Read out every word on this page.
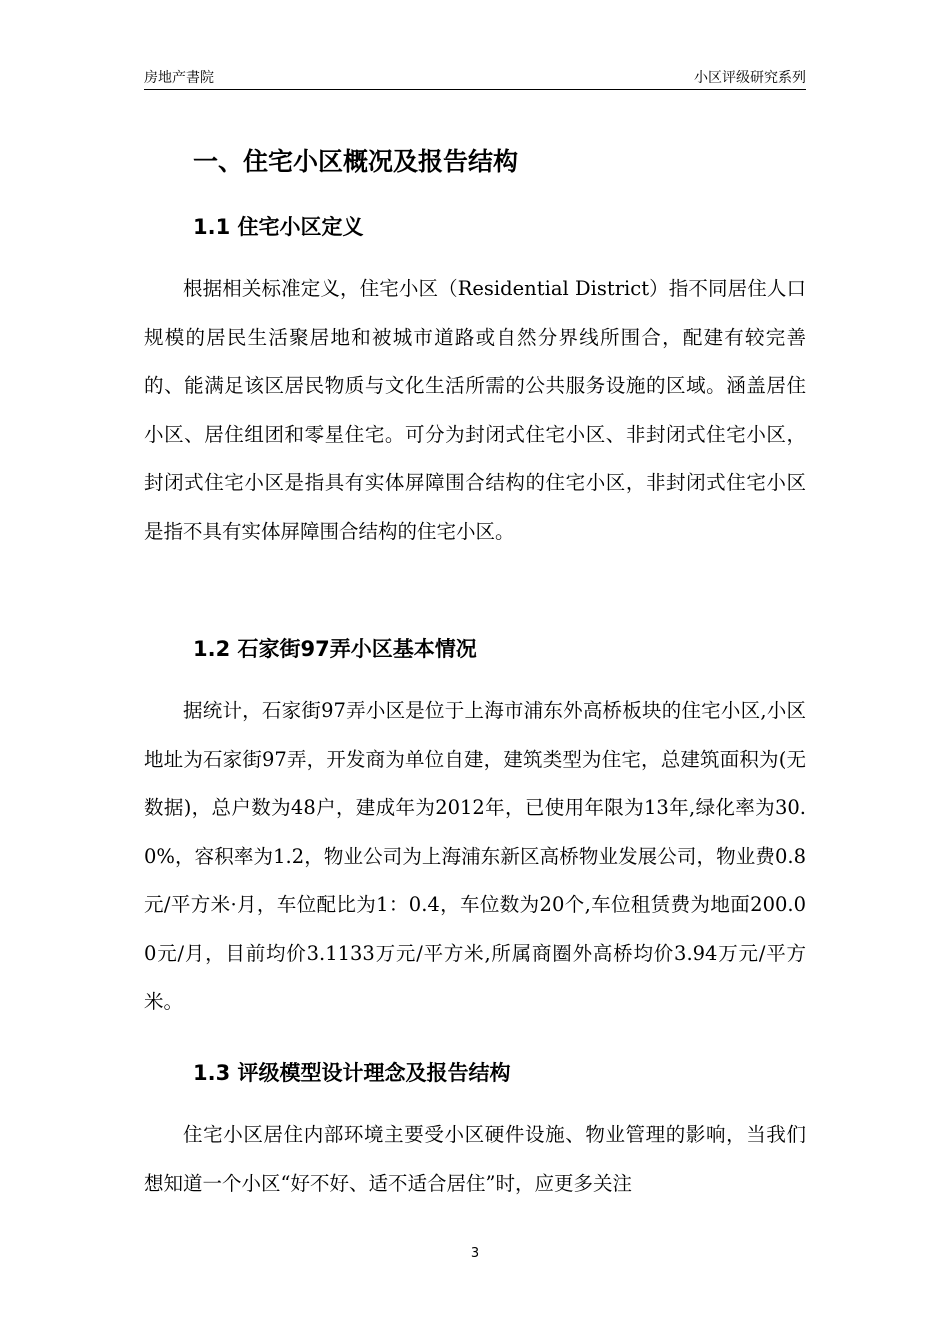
房地产書院	小区评级研究系列
一、住宅小区概况及报告结构
1.1 住宅小区定义

根据相关标准定义，住宅小区（Residential District）指不同居住人口规模的居民生活聚居地和被城市道路或自然分界线所围合，配建有较完善的、能满足该区居民物质与文化生活所需的公共服务设施的区域。涵盖居住小区、居住组团和零星住宅。可分为封闭式住宅小区、非封闭式住宅小区，封闭式住宅小区是指具有实体屏障围合结构的住宅小区，非封闭式住宅小区是指不具有实体屏障围合结构的住宅小区。

1.2 石家街97弄小区基本情况

据统计，石家街97弄小区是位于上海市浦东外高桥板块的住宅小区,小区地址为石家街97弄，开发商为单位自建，建筑类型为住宅，总建筑面积为(无数据)，总户数为48户，建成年为2012年，已使用年限为13年,绿化率为30.0%，容积率为1.2，物业公司为上海浦东新区高桥物业发展公司，物业费0.8元/平方米·月，车位配比为1：0.4，车位数为20个,车位租赁费为地面200.00元/月，目前均价3.1133万元/平方米,所属商圈外高桥均价3.94万元/平方米。

1.3 评级模型设计理念及报告结构

住宅小区居住内部环境主要受小区硬件设施、物业管理的影响，当我们想知道一个小区“好不好、适不适合居住”时，应更多关注

3
